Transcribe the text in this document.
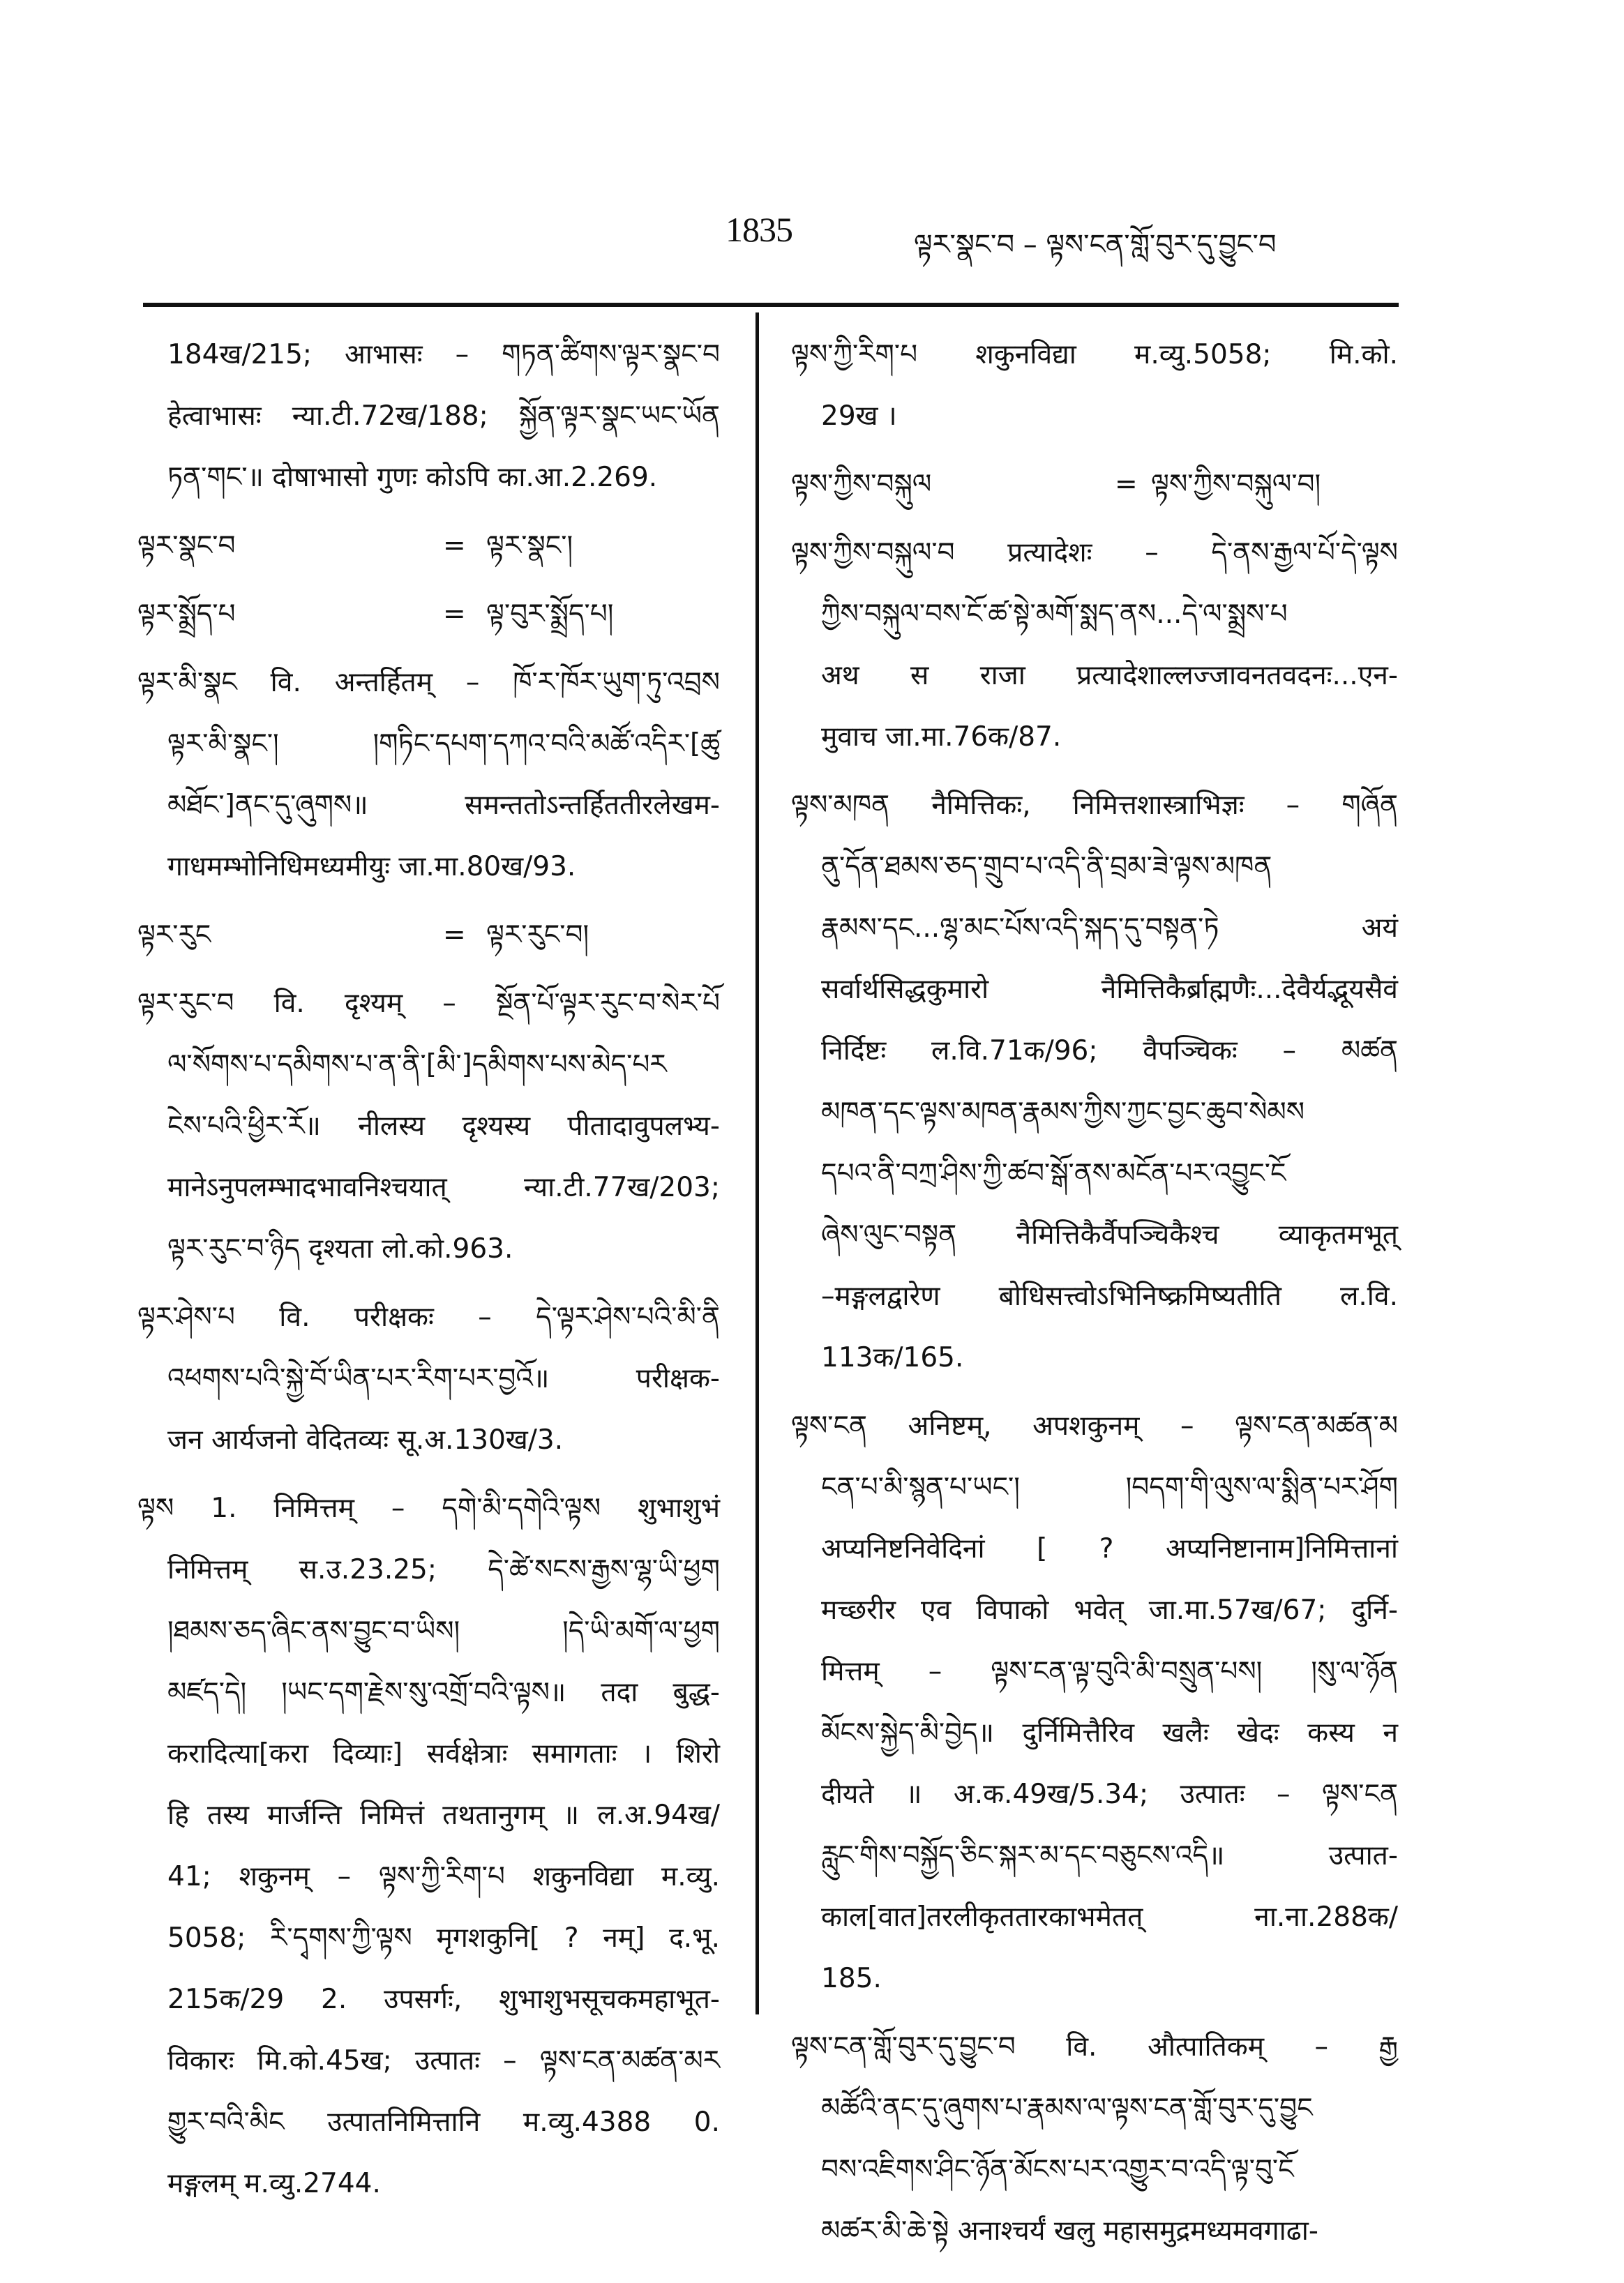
1835	ལྟར་སྣང་བ – ལྟས་ངན་གློ་བུར་དུ་བྱུང་བ
184ख/215; आभासः – གཏན་ཚིགས་ལྟར་སྣང་བ
हेत्वाभासः न्या.टी.72ख/188; སྐྱོན་ལྟར་སྣང་ཡང་ཡོན
ཏན་གང་॥ दोषाभासो गुणः कोऽपि का.आ.2.269.
ལྟར་སྣང་བ	= ལྟར་སྣང་།
ལྟར་སྨྲོད་པ	= ལྟ་བུར་སྨྲོད་པ།
ལྟར་མི་སྣང वि. अन्तर्हितम् – ཁོ་ར་ཁོར་ཡུག་ཏུ་འབྲས
ལྟར་མི་སྣང་། །གཏིང་དཔག་དཀའ་བའི་མཚོ་འདིར་[ཚུ
མཐོང་]ནང་དུ་ཞུགས॥ समन्ततोऽन्तर्हिततीरलेखम-
गाधमम्भोनिधिमध्यमीयुः जा.मा.80ख/93.
ལྟར་རུང	= ལྟར་རུང་བ།
ལྟར་རུང་བ वि. दृश्यम् – སྔོན་པོ་ལྟར་རུང་བ་སེར་པོ
ལ་སོགས་པ་དམིགས་པ་ན་ནི་[མི་]དམིགས་པས་མེད་པར
ངེས་པའི་ཕྱིར་རོ॥ नीलस्य दृश्यस्य पीतादावुपलभ्य-
मानेऽनुपलम्भादभावनिश्चयात् न्या.टी.77ख/203;
ལྟར་རུང་བ་ཉིད दृश्यता लो.को.963.
ལྟར་ཤེས་པ वि. परीक्षकः – དེ་ལྟར་ཤེས་པའི་མི་ནི
འཕགས་པའི་སྐྱེ་བོ་ཡིན་པར་རིག་པར་བྱའོ॥ परीक्षक-
जन आर्यजनो वेदितव्यः सू.अ.130ख/3.
ལྟས 1. निमित्तम् – དགེ་མི་དགེའི་ལྟས शुभाशुभं
निमित्तम् स.उ.23.25; དེ་ཚེ་སངས་རྒྱས་ལྷ་ཡི་ཕྱག
།ཐམས་ཅད་ཞིང་ནས་བྱུང་བ་ཡིས། །དེ་ཡི་མགོ་ལ་ཕྱག
མཛད་དེ། །ཡང་དག་རྗེས་སུ་འགྲོ་བའི་ལྟས॥ तदा बुद्ध-
करादित्या[करा दिव्याः] सर्वक्षेत्राः समागताः । शिरो
हि तस्य मार्जन्ति निमित्तं तथतानुगम् ॥ ल.अ.94ख/
41; शकुनम् – ལྟས་ཀྱི་རིག་པ शकुनविद्या म.व्यु.
5058; རི་དྭགས་ཀྱི་ལྟས मृगशकुनि[ ? नम्] द.भू.
215क/29 2. उपसर्गः, शुभाशुभसूचकमहाभूत-
विकारः मि.को.45ख; उत्पातः – ལྟས་ངན་མཚན་མར
གྱུར་བའི་མིང उत्पातनिमित्तानि म.व्यु.4388 0.
मङ्गलम् म.व्यु.2744.
ལྟས་ཀྱི་རིག་པ शकुनविद्या म.व्यु.5058; मि.को.
29ख ।
ལྟས་ཀྱིས་བསྐུལ	= ལྟས་ཀྱིས་བསྐུལ་བ།
ལྟས་ཀྱིས་བསྐུལ་བ प्रत्यादेशः – དེ་ནས་རྒྱལ་པོ་དེ་ལྟས
ཀྱིས་བསྐུལ་བས་ངོ་ཚ་སྟེ་མགོ་སྨད་ནས...དེ་ལ་སྨྲས་པ
अथ स राजा प्रत्यादेशाल्लज्जावनतवदनः...एन-
मुवाच जा.मा.76क/87.
ལྟས་མཁན नैमित्तिकः, निमित्तशास्त्राभिज्ञः – གཞོན
ནུ་དོན་ཐམས་ཅད་གྲུབ་པ་འདི་ནི་བྲམ་ཟེ་ལྟས་མཁན
རྣམས་དང...ལྷ་མང་པོས་འདི་སྐད་དུ་བསྟན་ཏེ अयं
सर्वार्थसिद्धकुमारो नैमित्तिकैर्ब्राह्मणैः...देवैर्यद्भूयसैवं
निर्दिष्टः ल.वि.71क/96; वैपञ्चिकः – མཚན
མཁན་དང་ལྟས་མཁན་རྣམས་ཀྱིས་ཀྱང་བྱང་ཆུབ་སེམས
དཔའ་ནི་བཀྲ་ཤིས་ཀྱི་ཚབ་སྒོ་ནས་མངོན་པར་འབྱུང་ངོ
ཞེས་ལུང་བསྟན नैमित्तिकैर्वैपञ्चिकैश्च व्याकृतमभूत्
–मङ्गलद्वारेण बोधिसत्त्वोऽभिनिष्क्रमिष्यतीति ल.वि.
113क/165.
ལྟས་ངན अनिष्टम्, अपशकुनम् – ལྟས་ངན་མཚན་མ
ངན་པ་མི་སྙན་པ་ཡང་། །བདག་གི་ལུས་ལ་སྨིན་པར་ཤོག
अप्यनिष्टनिवेदिनां [ ? अप्यनिष्टानाम]निमित्तानां
मच्छरीर एव विपाको भवेत् जा.मा.57ख/67; दुर्नि-
मित्तम् – ལྟས་ངན་ལྟ་བུའི་མི་བསྲུན་པས། །སུ་ལ་ཉོན
མོངས་སྐྱེད་མི་བྱེད॥ दुर्निमित्तैरिव खलैः खेदः कस्य न
दीयते ॥ अ.क.49ख/5.34; उत्पातः – ལྟས་ངན
རླུང་གིས་བསྐྱོད་ཅིང་སྐར་མ་དང་བཅུངས་འདི॥ उत्पात-
काल[वात]तरलीकृततारकाभमेतत् ना.ना.288क/
185.
ལྟས་ངན་གློ་བུར་དུ་བྱུང་བ वि. औत्पातिकम् – རྒྱ
མཚོའི་ནང་དུ་ཞུགས་པ་རྣམས་ལ་ལྟས་ངན་གློ་བུར་དུ་བྱུང
བས་འཇིགས་ཤིང་ཉོན་མོངས་པར་འགྱུར་བ་འདི་ལྟ་བུ་ངོ
མཚར་མི་ཆེ་སྟེ अनाश्चर्यं खलु महासमुद्रमध्यमवगाढा-
